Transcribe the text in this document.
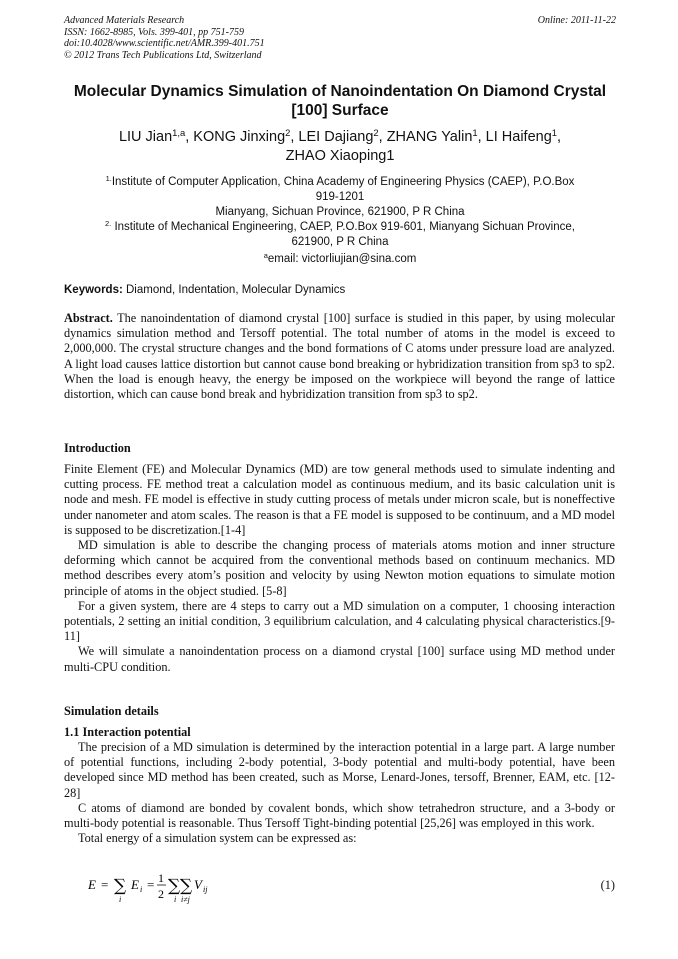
Advanced Materials Research
ISSN: 1662-8985, Vols. 399-401, pp 751-759
doi:10.4028/www.scientific.net/AMR.399-401.751
© 2012 Trans Tech Publications Ltd, Switzerland
Online: 2011-11-22
Molecular Dynamics Simulation of Nanoindentation On Diamond Crystal
[100] Surface
LIU Jian$^{1,a}$, KONG Jinxing$^2$, LEI Dajiang$^2$, ZHANG Yalin$^1$, LI Haifeng$^1$,
ZHAO Xiaoping1
$^{1.}$Institute of Computer Application, China Academy of Engineering Physics (CAEP), P.O.Box
919-1201
Mianyang, Sichuan Province, 621900, P R China
$^{2.}$ Institute of Mechanical Engineering, CAEP, P.O.Box 919-601, Mianyang Sichuan Province,
621900, P R China
$^a$email: victorliujian@sina.com
Keywords: Diamond, Indentation, Molecular Dynamics

Abstract. The nanoindentation of diamond crystal [100] surface is studied in this paper, by using molecular dynamics simulation method and Tersoff potential. The total number of atoms in the model is exceed to 2,000,000. The crystal structure changes and the bond formations of C atoms under pressure load are analyzed. A light load causes lattice distortion but cannot cause bond breaking or hybridization transition from sp3 to sp2. When the load is enough heavy, the energy be imposed on the workpiece will beyond the range of lattice distortion, which can cause bond break and hybridization transition from sp3 to sp2.

Introduction

Finite Element (FE) and Molecular Dynamics (MD) are tow general methods used to simulate indenting and cutting process. FE method treat a calculation model as continuous medium, and its basic calculation unit is node and mesh. FE model is effective in study cutting process of metals under micron scale, but is noneffective under nanometer and atom scales. The reason is that a FE model is supposed to be continuum, and a MD model is supposed to be discretization.[1-4]

MD simulation is able to describe the changing process of materials atoms motion and inner structure deforming which cannot be acquired from the conventional methods based on continuum mechanics. MD method describes every atom’s position and velocity by using Newton motion equations to simulate motion principle of atoms in the object studied. [5-8]

For a given system, there are 4 steps to carry out a MD simulation on a computer, 1 choosing interaction potentials, 2 setting an initial condition, 3 equilibrium calculation, and 4 calculating physical characteristics.[9-11]

We will simulate a nanoindentation process on a diamond crystal [100] surface using MD method under multi-CPU condition.

Simulation details
1.1 Interaction potential

The precision of a MD simulation is determined by the interaction potential in a large part. A large number of potential functions, including 2-body potential, 3-body potential and multi-body potential, have been developed since MD method has been created, such as Morse, Lenard-Jones, tersoff, Brenner, EAM, etc. [12-28]

C atoms of diamond are bonded by covalent bonds, which show tetrahedron structure, and a 3-body or multi-body potential is reasonable. Thus Tersoff Tight-binding potential [25,26] was employed in this work.

Total energy of a simulation system can be expressed as:

E = ∑
i
E i = 1
2 ∑
i
∑
i≠j
V ij	(1)
